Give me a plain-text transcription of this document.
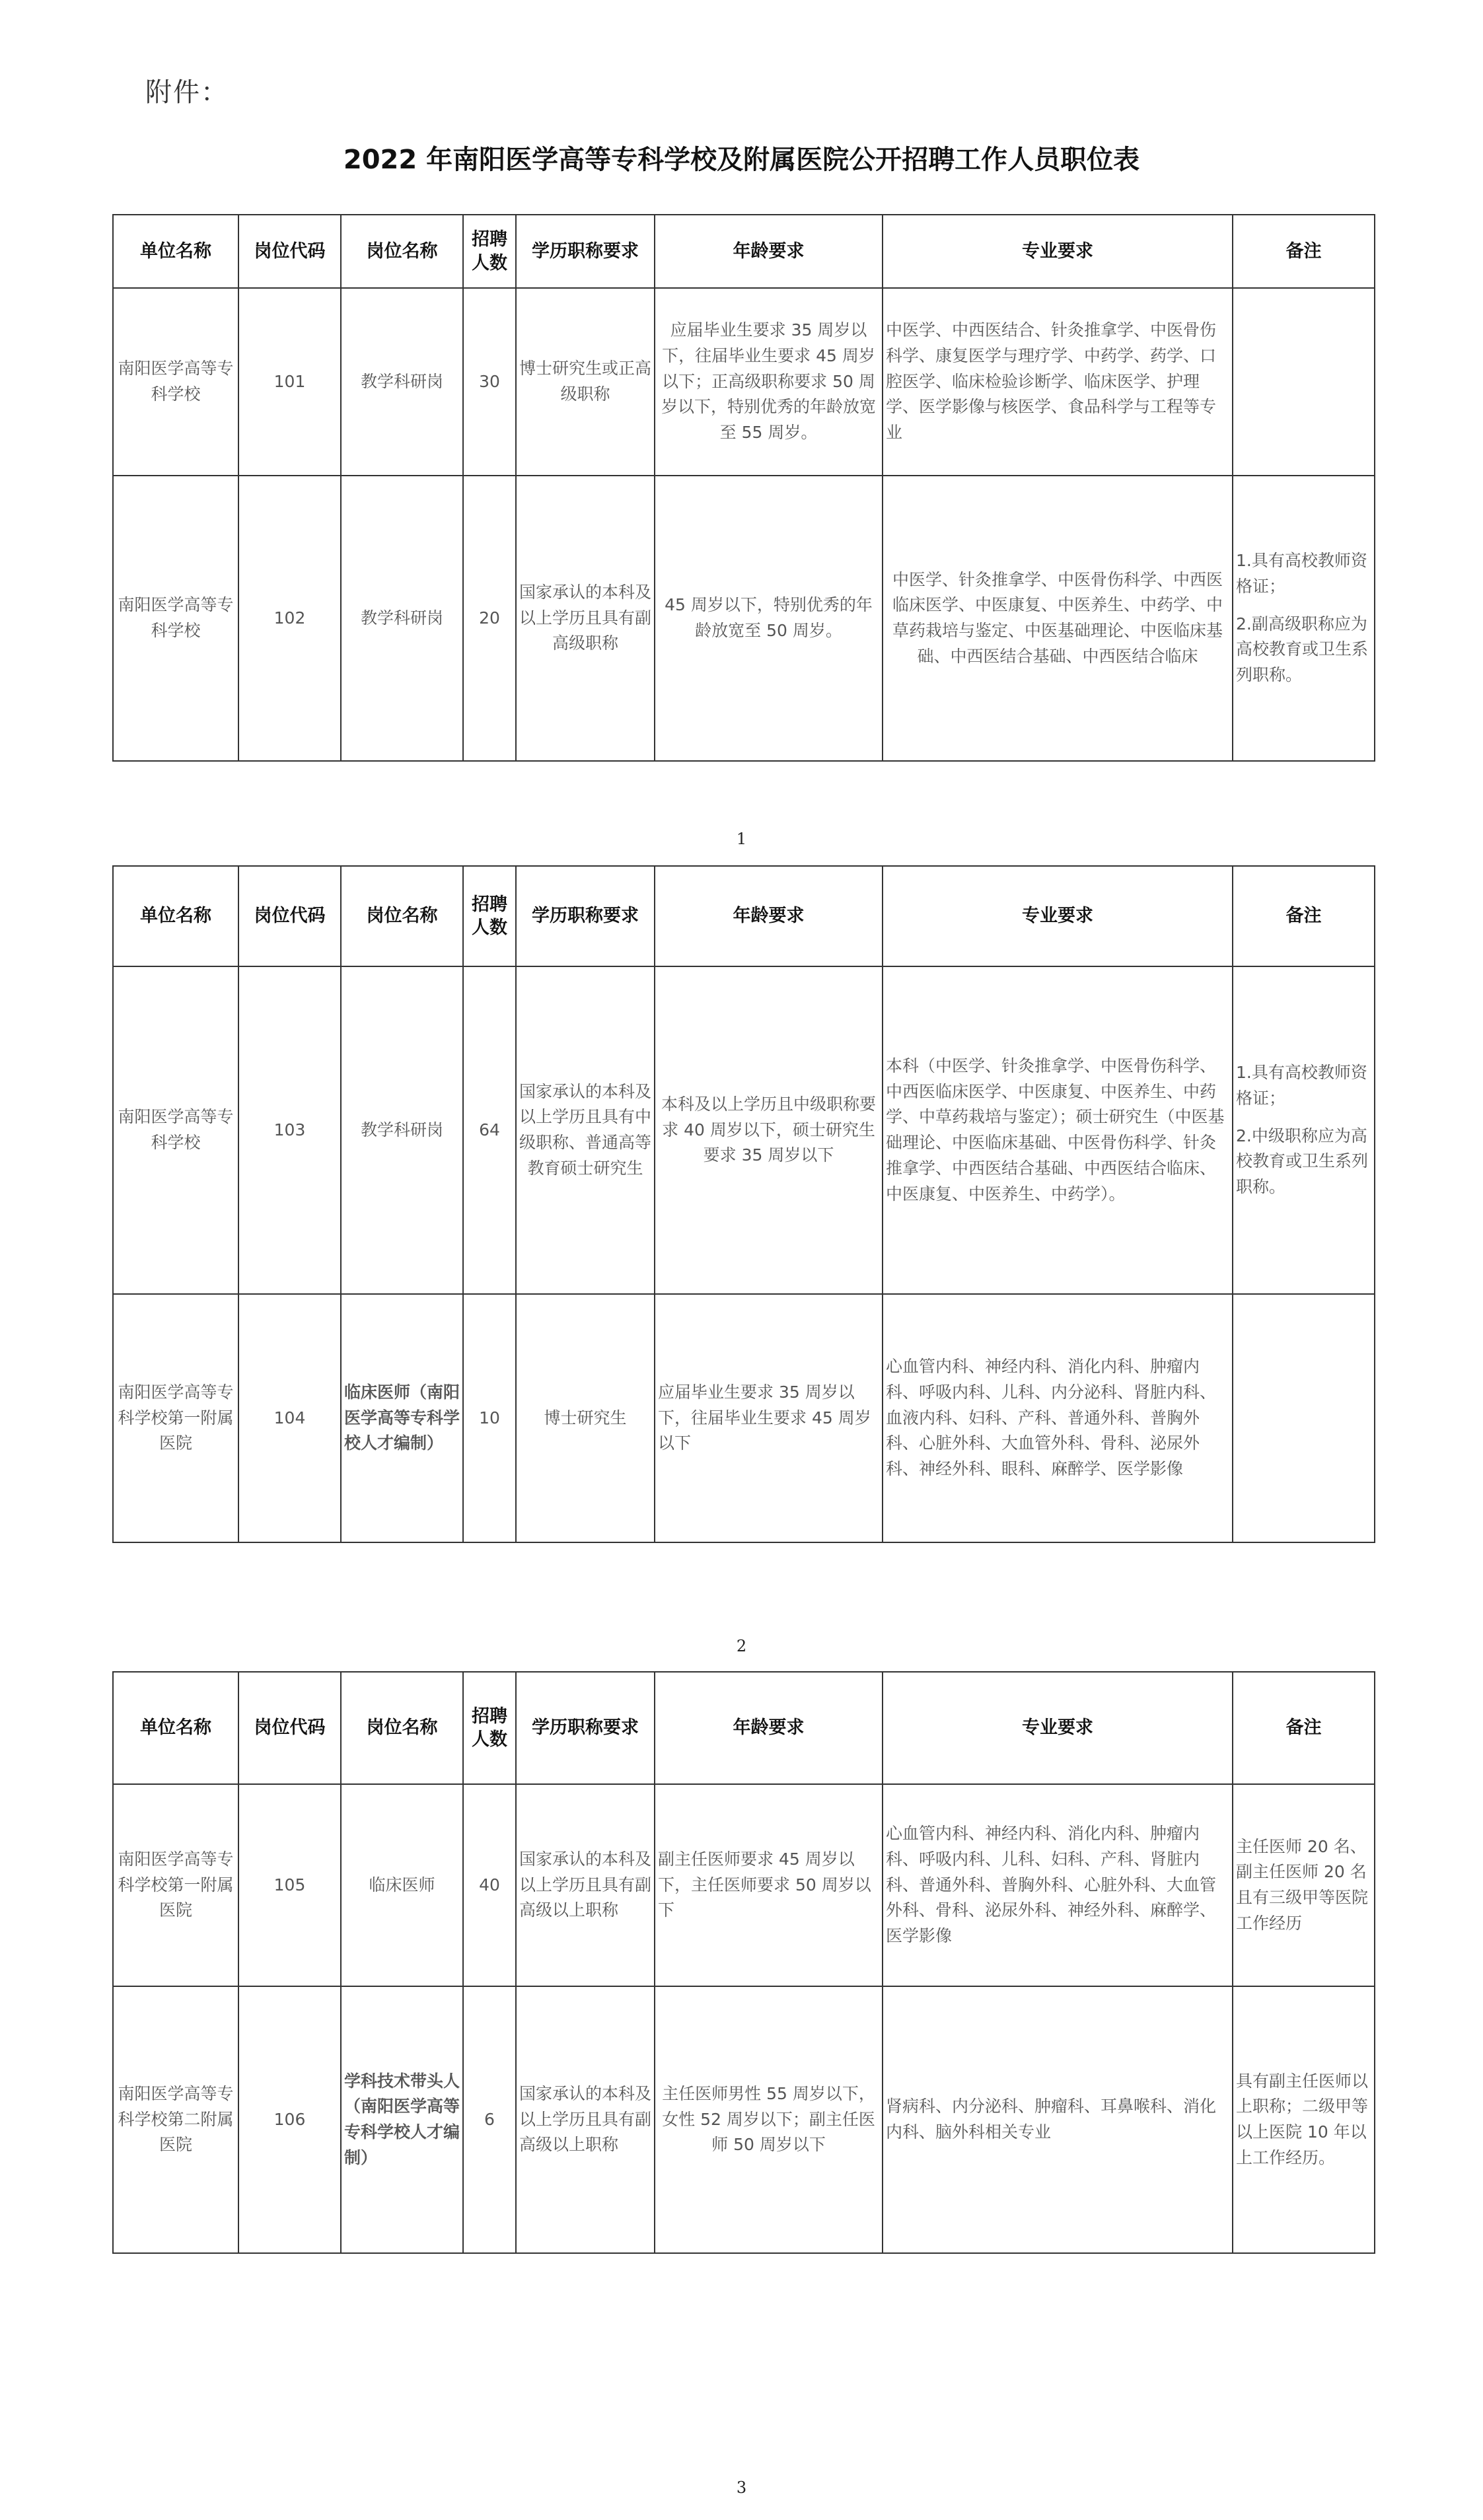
附件：
2022 年南阳医学高等专科学校及附属医院公开招聘工作人员职位表
单位名称	岗位代码	岗位名称	招聘人数	学历职称要求	年龄要求	专业要求	备注
南阳医学高等专科学校	101	教学科研岗	30	博士研究生或正高级职称	应届毕业生要求 35 周岁以下，往届毕业生要求 45 周岁以下；正高级职称要求 50 周岁以下，特别优秀的年龄放宽至 55 周岁。	中医学、中西医结合、针灸推拿学、中医骨伤科学、康复医学与理疗学、中药学、药学、口腔医学、临床检验诊断学、临床医学、护理学、医学影像与核医学、食品科学与工程等专业	
南阳医学高等专科学校	102	教学科研岗	20	国家承认的本科及以上学历且具有副高级职称	45 周岁以下，特别优秀的年龄放宽至 50 周岁。	中医学、针灸推拿学、中医骨伤科学、中西医临床医学、中医康复、中医养生、中药学、中草药栽培与鉴定、中医基础理论、中医临床基础、中西医结合基础、中西医结合临床	1.具有高校教师资格证；

2.副高级职称应为高校教育或卫生系列职称。

1
单位名称	岗位代码	岗位名称	招聘人数	学历职称要求	年龄要求	专业要求	备注
南阳医学高等专科学校	103	教学科研岗	64	国家承认的本科及以上学历且具有中级职称、普通高等教育硕士研究生	本科及以上学历且中级职称要求 40 周岁以下，硕士研究生要求 35 周岁以下	本科（中医学、针灸推拿学、中医骨伤科学、中西医临床医学、中医康复、中医养生、中药学、中草药栽培与鉴定）；硕士研究生（中医基础理论、中医临床基础、中医骨伤科学、针灸推拿学、中西医结合基础、中西医结合临床、中医康复、中医养生、中药学）。	1.具有高校教师资格证；

2.中级职称应为高校教育或卫生系列职称。

南阳医学高等专科学校第一附属医院	104	临床医师（南阳医学高等专科学校人才编制）	10	博士研究生	应届毕业生要求 35 周岁以下，往届毕业生要求 45 周岁以下	心血管内科、神经内科、消化内科、肿瘤内科、呼吸内科、儿科、内分泌科、肾脏内科、血液内科、妇科、产科、普通外科、普胸外科、心脏外科、大血管外科、骨科、泌尿外科、神经外科、眼科、麻醉学、医学影像	
2
单位名称	岗位代码	岗位名称	招聘人数	学历职称要求	年龄要求	专业要求	备注
南阳医学高等专科学校第一附属医院	105	临床医师	40	国家承认的本科及以上学历且具有副高级以上职称	副主任医师要求 45 周岁以下，主任医师要求 50 周岁以下	心血管内科、神经内科、消化内科、肿瘤内科、呼吸内科、儿科、妇科、产科、肾脏内科、普通外科、普胸外科、心脏外科、大血管外科、骨科、泌尿外科、神经外科、麻醉学、医学影像	主任医师 20 名、副主任医师 20 名且有三级甲等医院工作经历

南阳医学高等专科学校第二附属医院	106	学科技术带头人（南阳医学高等专科学校人才编制）	6	国家承认的本科及以上学历且具有副高级以上职称	主任医师男性 55 周岁以下，女性 52 周岁以下；副主任医师 50 周岁以下	肾病科、内分泌科、肿瘤科、耳鼻喉科、消化内科、脑外科相关专业	具有副主任医师以上职称；二级甲等以上医院 10 年以上工作经历。

3
